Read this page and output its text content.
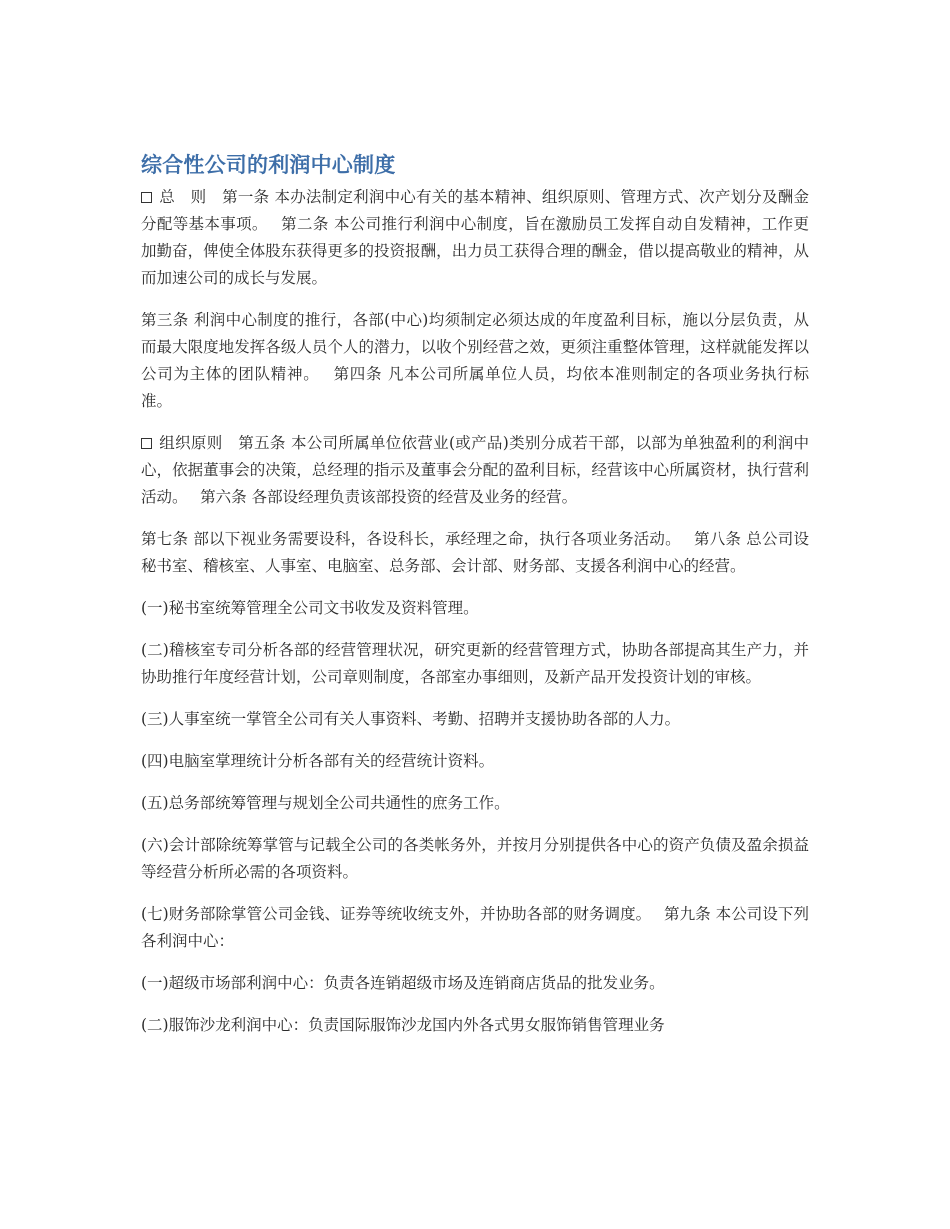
综合性公司的利润中心制度

总　则　第一条 本办法制定利润中心有关的基本精神、组织原则、管理方式、次产划分及酬金分配等基本事项。　 第二条 本公司推行利润中心制度，旨在激励员工发挥自动自发精神，工作更加勤奋，俾使全体股东获得更多的投资报酬，出力员工获得合理的酬金，借以提高敬业的精神，从而加速公司的成长与发展。

第三条 利润中心制度的推行，各部(中心)均须制定必须达成的年度盈利目标，施以分层负责，从而最大限度地发挥各级人员个人的潜力，以收个别经营之效，更须注重整体管理，这样就能发挥以公司为主体的团队精神。　 第四条 凡本公司所属单位人员，均依本准则制定的各项业务执行标准。

组织原则　第五条 本公司所属单位依营业(或产品)类别分成若干部，以部为单独盈利的利润中心，依据董事会的决策，总经理的指示及董事会分配的盈利目标，经营该中心所属资材，执行营利活动。　 第六条 各部设经理负责该部投资的经营及业务的经营。

第七条 部以下视业务需要设科，各设科长，承经理之命，执行各项业务活动。　 第八条 总公司设秘书室、稽核室、人事室、电脑室、总务部、会计部、财务部、支援各利润中心的经营。

(一)秘书室统筹管理全公司文书收发及资料管理。

(二)稽核室专司分析各部的经营管理状况，研究更新的经营管理方式，协助各部提高其生产力，并协助推行年度经营计划，公司章则制度，各部室办事细则，及新产品开发投资计划的审核。

(三)人事室统一掌管全公司有关人事资料、考勤、招聘并支援协助各部的人力。

(四)电脑室掌理统计分析各部有关的经营统计资料。

(五)总务部统筹管理与规划全公司共通性的庶务工作。

(六)会计部除统筹掌管与记载全公司的各类帐务外，并按月分别提供各中心的资产负债及盈余损益等经营分析所必需的各项资料。

(七)财务部除掌管公司金钱、证券等统收统支外，并协助各部的财务调度。　 第九条 本公司设下列各利润中心：

(一)超级市场部利润中心：负责各连销超级市场及连销商店货品的批发业务。

(二)服饰沙龙利润中心：负责国际服饰沙龙国内外各式男女服饰销售管理业务
